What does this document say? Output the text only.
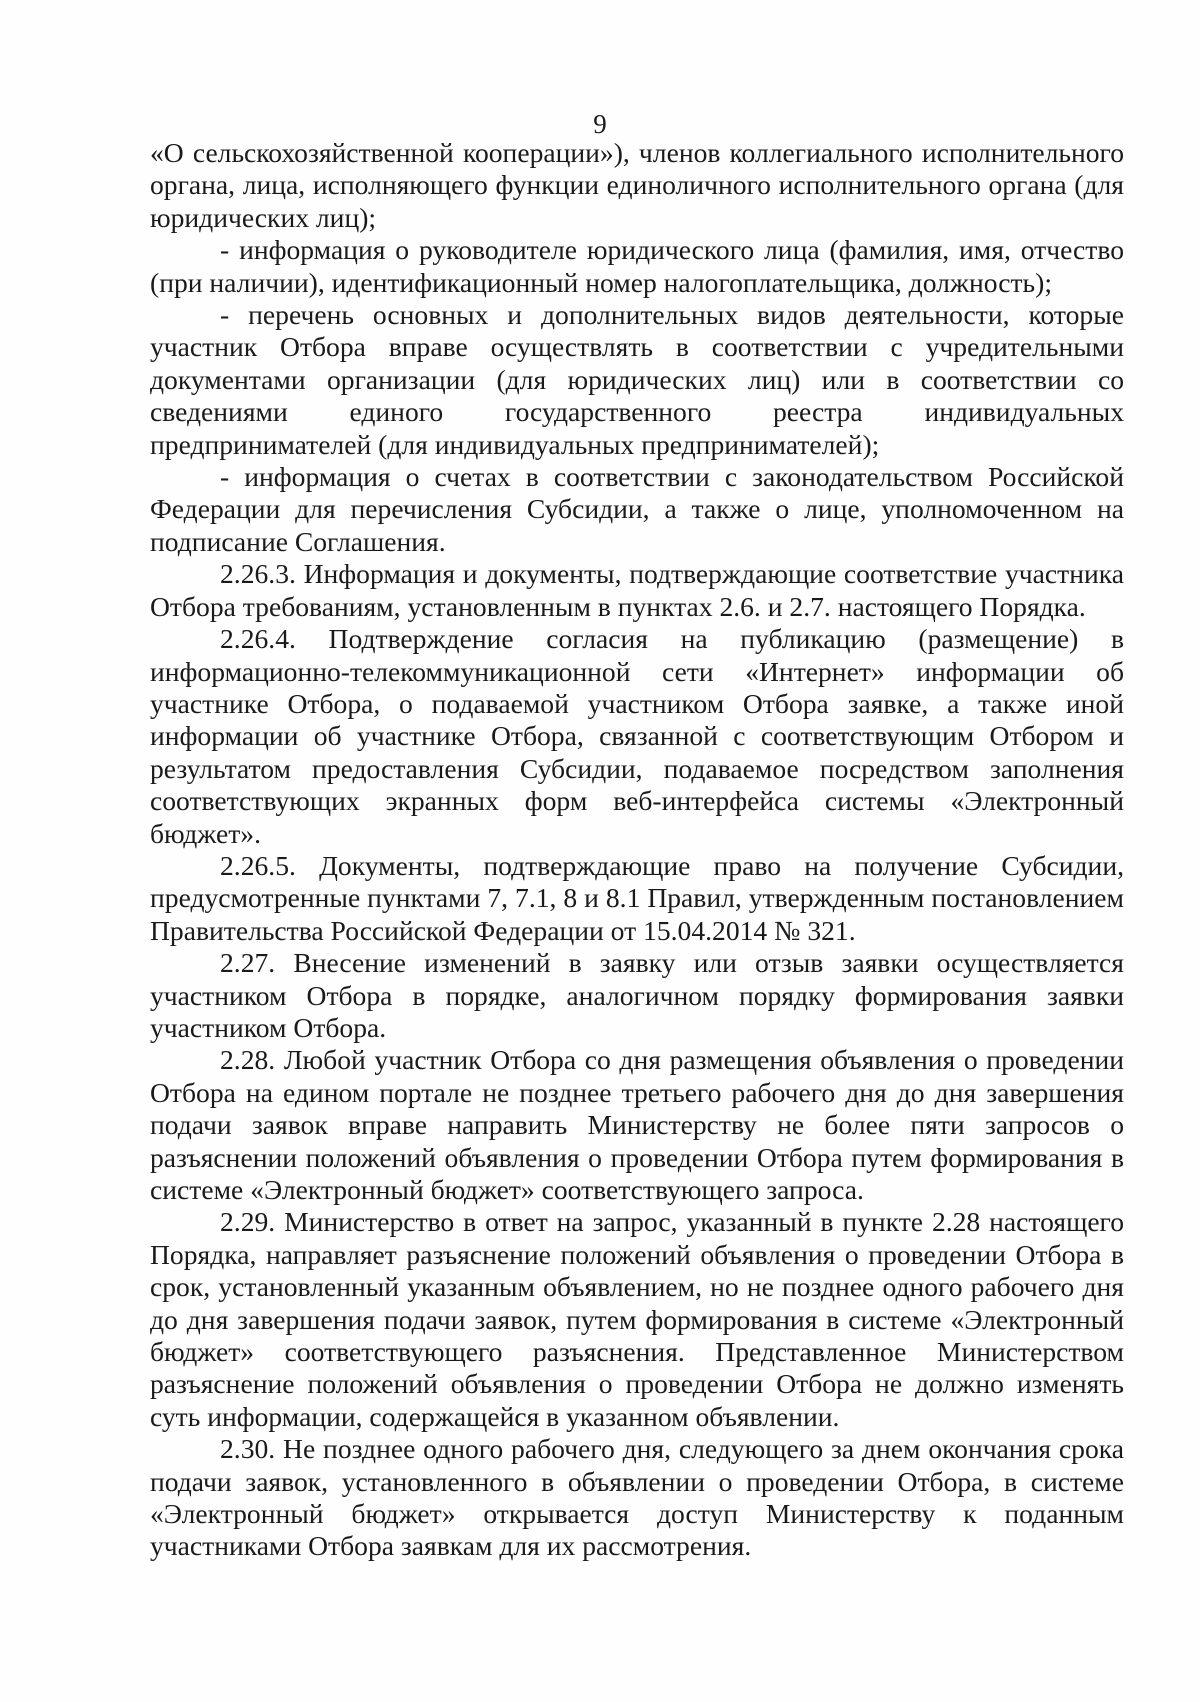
9

«О сельскохозяйственной кооперации»), членов коллегиального исполнительного органа, лица, исполняющего функции единоличного исполнительного органа (для юридических лиц);

- информация о руководителе юридического лица (фамилия, имя, отчество (при наличии), идентификационный номер налогоплательщика, должность);

- перечень основных и дополнительных видов деятельности, которые участник Отбора вправе осуществлять в соответствии с учредительными документами организации (для юридических лиц) или в соответствии со сведениями единого государственного реестра индивидуальных предпринимателей (для индивидуальных предпринимателей);

- информация о счетах в соответствии с законодательством Российской Федерации для перечисления Субсидии, а также о лице, уполномоченном на подписание Соглашения.

2.26.3. Информация и документы, подтверждающие соответствие участника Отбора требованиям, установленным в пунктах 2.6. и 2.7. настоящего Порядка.

2.26.4. Подтверждение согласия на публикацию (размещение) в информационно-телекоммуникационной сети «Интернет» информации об участнике Отбора, о подаваемой участником Отбора заявке, а также иной информации об участнике Отбора, связанной с соответствующим Отбором и результатом предоставления Субсидии, подаваемое посредством заполнения соответствующих экранных форм веб-интерфейса системы «Электронный бюджет».

2.26.5. Документы, подтверждающие право на получение Субсидии, предусмотренные пунктами 7, 7.1, 8 и 8.1 Правил, утвержденным постановлением Правительства Российской Федерации от 15.04.2014 № 321.

2.27. Внесение изменений в заявку или отзыв заявки осуществляется участником Отбора в порядке, аналогичном порядку формирования заявки участником Отбора.

2.28. Любой участник Отбора со дня размещения объявления о проведении Отбора на едином портале не позднее третьего рабочего дня до дня завершения подачи заявок вправе направить Министерству не более пяти запросов о разъяснении положений объявления о проведении Отбора путем формирования в системе «Электронный бюджет» соответствующего запроса.

2.29. Министерство в ответ на запрос, указанный в пункте 2.28 настоящего Порядка, направляет разъяснение положений объявления о проведении Отбора в срок, установленный указанным объявлением, но не позднее одного рабочего дня до дня завершения подачи заявок, путем формирования в системе «Электронный бюджет» соответствующего разъяснения. Представленное Министерством разъяснение положений объявления о проведении Отбора не должно изменять суть информации, содержащейся в указанном объявлении.

2.30. Не позднее одного рабочего дня, следующего за днем окончания срока подачи заявок, установленного в объявлении о проведении Отбора, в системе «Электронный бюджет» открывается доступ Министерству к поданным участниками Отбора заявкам для их рассмотрения.
